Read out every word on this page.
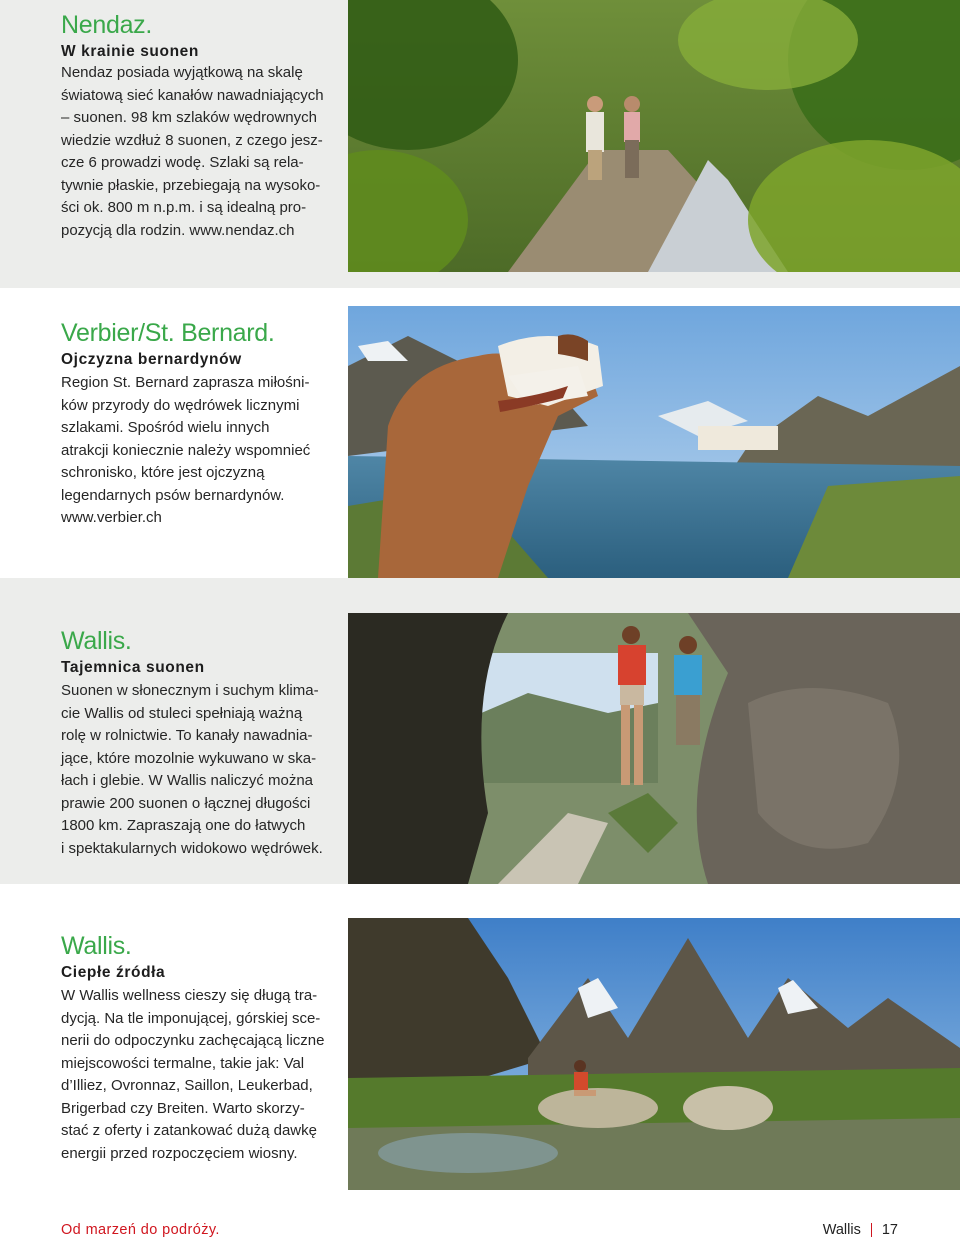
Nendaz.
W krainie suonen

Nendaz posiada wyjątkową na skalę
światową sieć kanałów nawadniających
– suonen. 98 km szlaków wędrownych
wiedzie wzdłuż 8 suonen, z czego jesz-
cze 6 prowadzi wodę. Szlaki są rela-
tywnie płaskie, przebiegają na wysoko-
ści ok. 800 m n.p.m. i są idealną pro-
pozycją dla rodzin. www.nendaz.ch

Verbier/St. Bernard.
Ojczyzna bernardynów

Region St. Bernard zaprasza miłośni-
ków przyrody do wędrówek licznymi
szlakami. Spośród wielu innych
atrakcji koniecznie należy wspomnieć
schronisko, które jest ojczyzną
legendarnych psów bernardynów.
www.verbier.ch

Wallis.
Tajemnica suonen

Suonen w słonecznym i suchym klima-
cie Wallis od stuleci spełniają ważną
rolę w rolnictwie. To kanały nawadnia-
jące, które mozolnie wykuwano w ska-
łach i glebie. W Wallis naliczyć można
prawie 200 suonen o łącznej długości
1800 km. Zapraszają one do łatwych
i spektakularnych widokowo wędrówek.

Wallis.
Ciepłe źródła

W Wallis wellness cieszy się długą tra-
dycją. Na tle imponującej, górskiej sce-
nerii do odpoczynku zachęcającą liczne
miejscowości termalne, takie jak: Val
d’Illiez, Ovronnaz, Saillon, Leukerbad,
Brigerbad czy Breiten. Warto skorzy-
stać z oferty i zatankować dużą dawkę
energii przed rozpoczęciem wiosny.

Od marzeń do podróży.	Wallis 17
